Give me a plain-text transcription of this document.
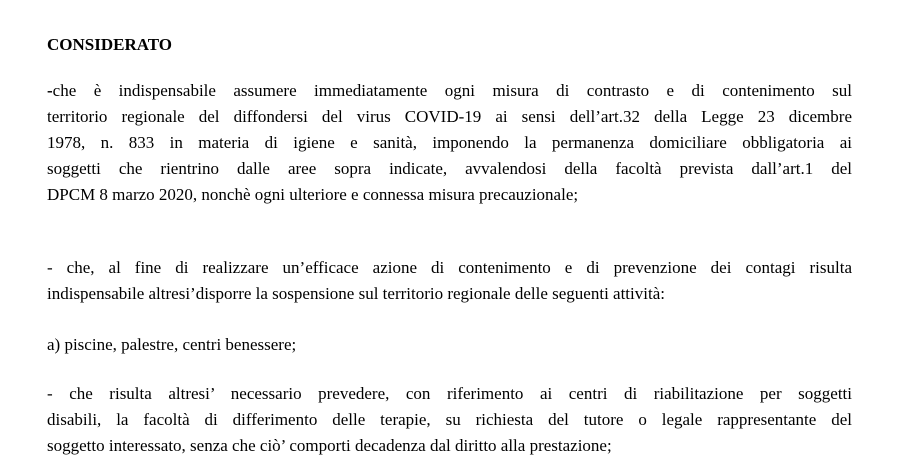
CONSIDERATO
-che è indispensabile assumere immediatamente ogni misura di contrasto e di contenimento sul
territorio regionale del diffondersi del virus COVID-19 ai sensi dell’art.32 della Legge 23 dicembre
1978, n. 833 in materia di igiene e sanità, imponendo la permanenza domiciliare obbligatoria ai
soggetti che rientrino dalle aree sopra indicate, avvalendosi della facoltà prevista dall’art.1 del
DPCM 8 marzo 2020, nonchè ogni ulteriore e connessa misura precauzionale;
- che, al fine di realizzare un’efficace azione di contenimento e di prevenzione dei contagi risulta
indispensabile altresi’disporre la sospensione sul territorio regionale delle seguenti attività:
a) piscine, palestre, centri benessere;
- che risulta altresi’ necessario prevedere, con riferimento ai centri di riabilitazione per soggetti
disabili, la facoltà di differimento delle terapie, su richiesta del tutore o legale rappresentante del
soggetto interessato, senza che ciò’ comporti decadenza dal diritto alla prestazione;
